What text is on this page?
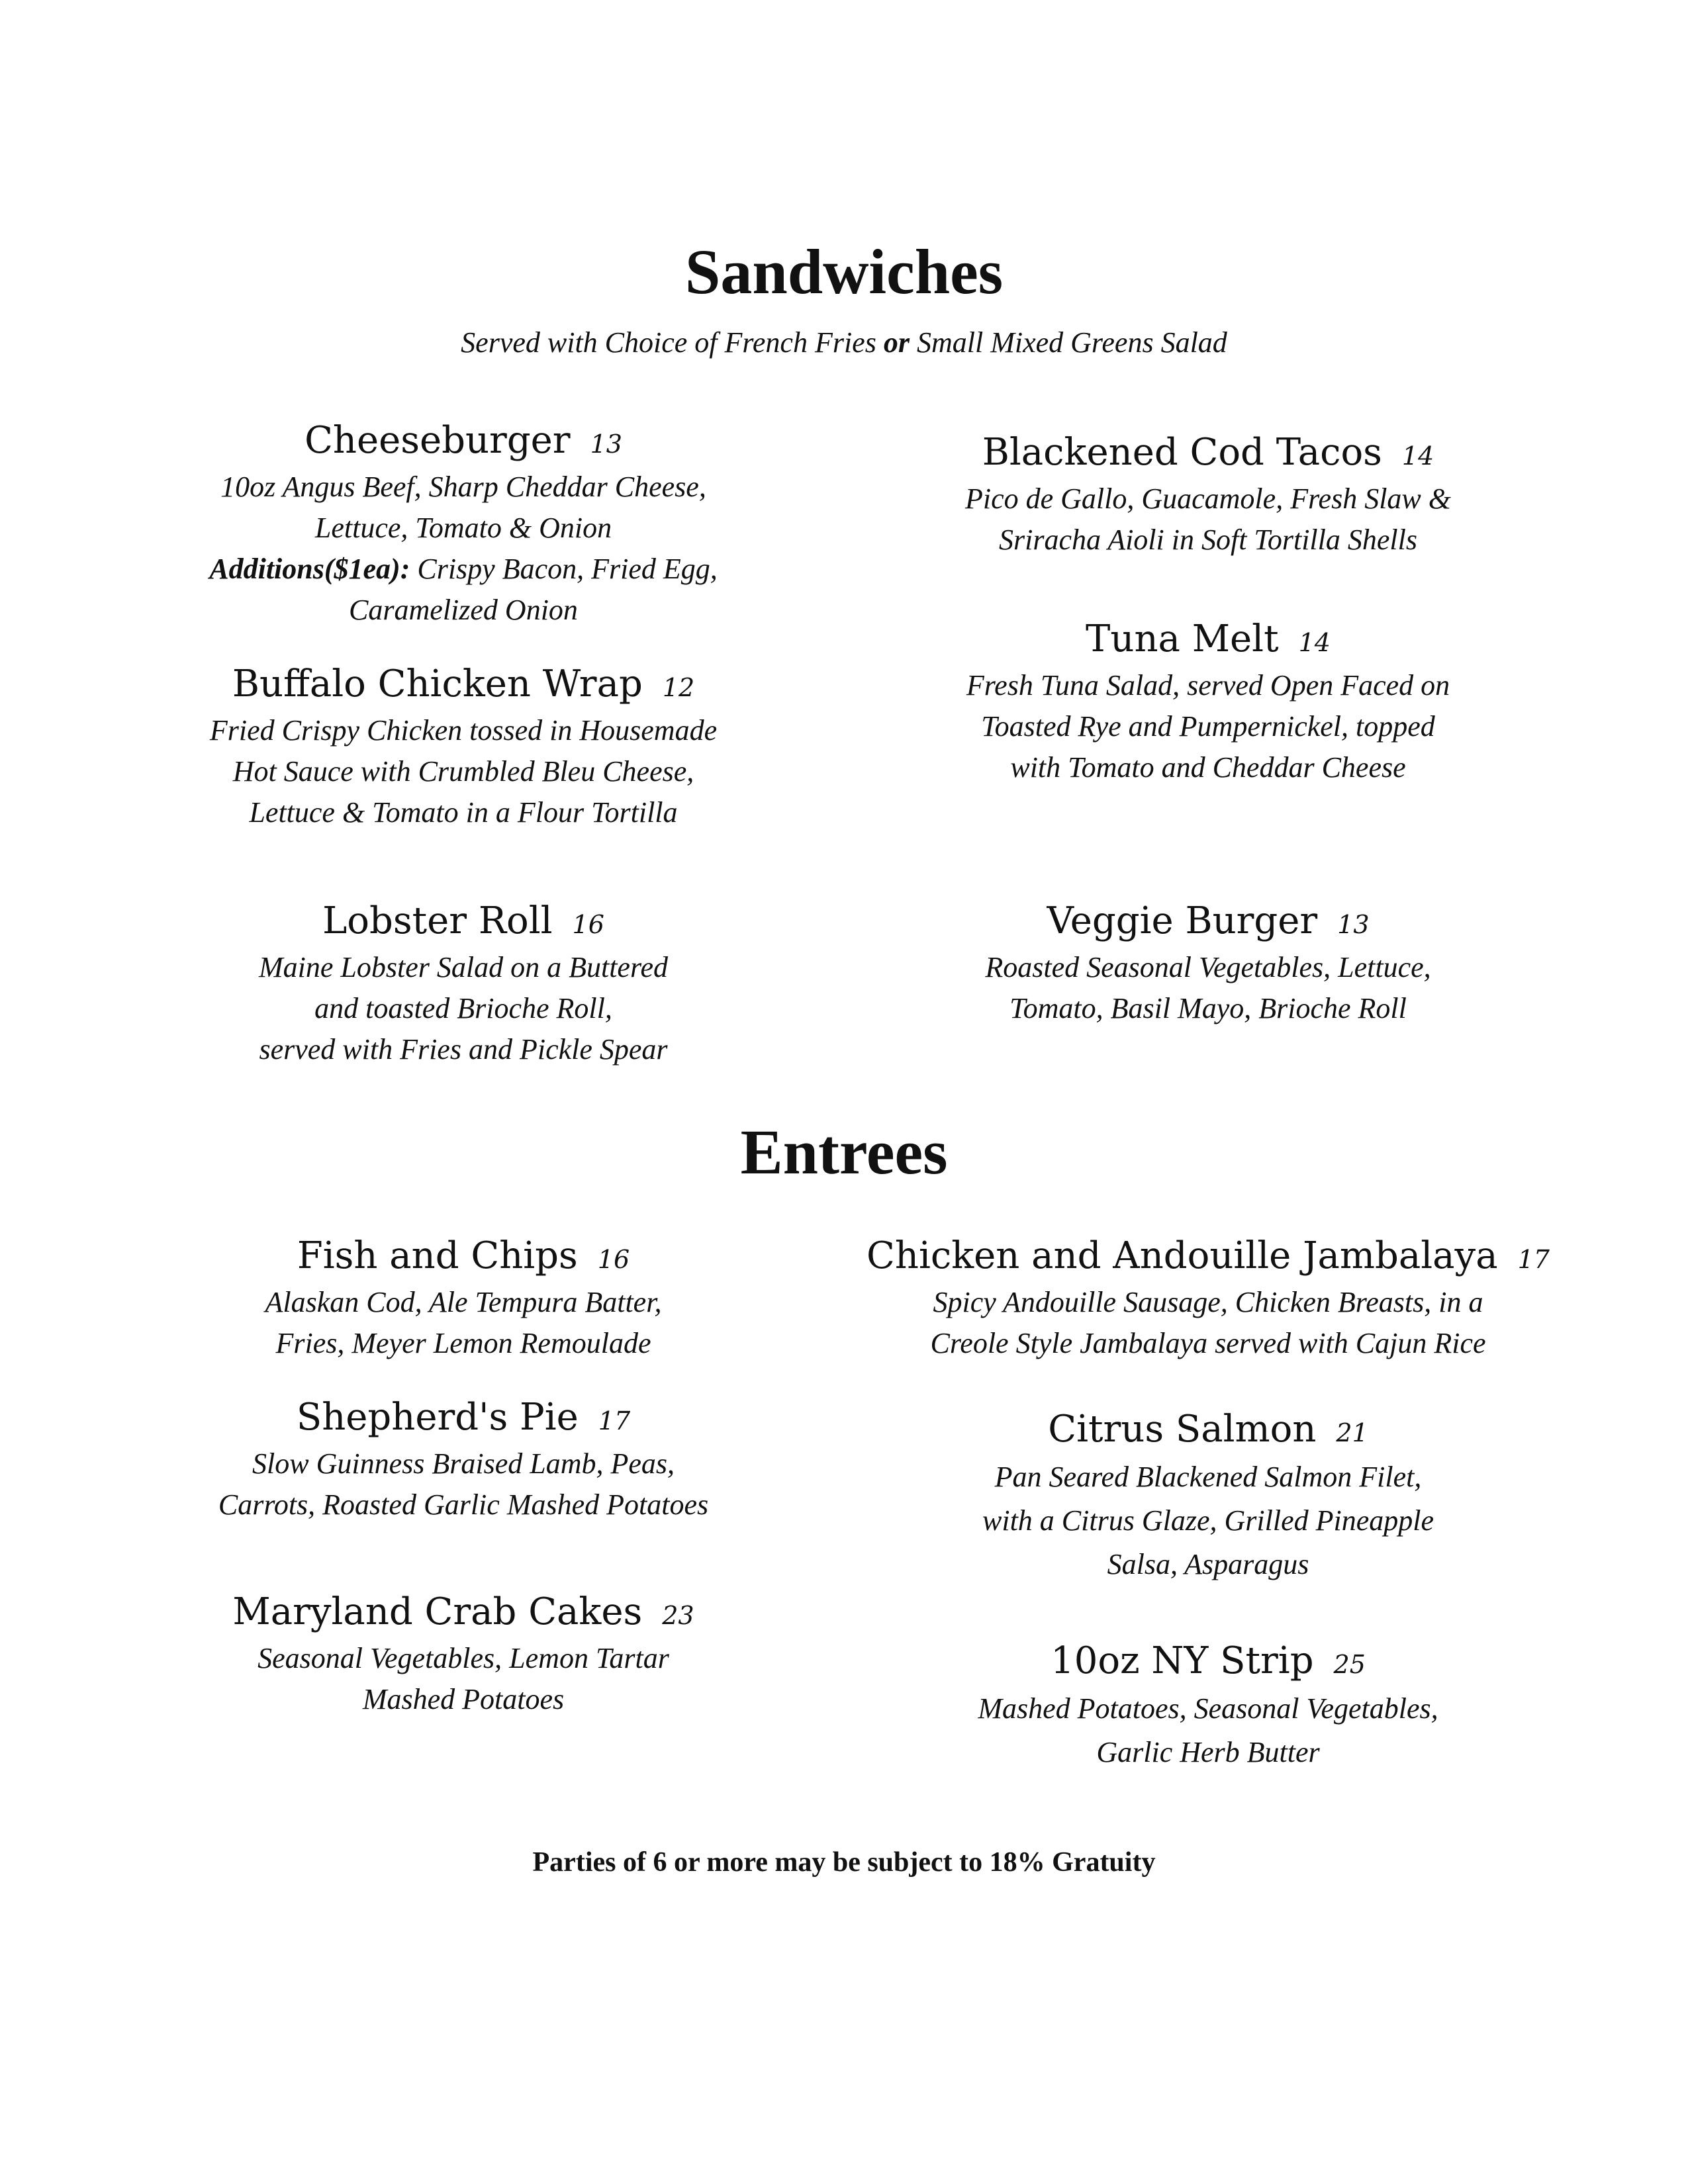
Sandwiches
Served with Choice of French Fries or Small Mixed Greens Salad
Cheeseburger 13
10oz Angus Beef, Sharp Cheddar Cheese,
Lettuce, Tomato & Onion
Additions($1ea): Crispy Bacon, Fried Egg,
Caramelized Onion
Blackened Cod Tacos 14
Pico de Gallo, Guacamole, Fresh Slaw &
Sriracha Aioli in Soft Tortilla Shells
Tuna Melt 14
Fresh Tuna Salad, served Open Faced on
Toasted Rye and Pumpernickel, topped
with Tomato and Cheddar Cheese
Buffalo Chicken Wrap 12
Fried Crispy Chicken tossed in Housemade
Hot Sauce with Crumbled Bleu Cheese,
Lettuce & Tomato in a Flour Tortilla
Lobster Roll 16
Maine Lobster Salad on a Buttered
and toasted Brioche Roll,
served with Fries and Pickle Spear
Veggie Burger 13
Roasted Seasonal Vegetables, Lettuce,
Tomato, Basil Mayo, Brioche Roll
Entrees
Fish and Chips 16
Alaskan Cod, Ale Tempura Batter,
Fries, Meyer Lemon Remoulade
Chicken and Andouille Jambalaya 17
Spicy Andouille Sausage, Chicken Breasts, in a
Creole Style Jambalaya served with Cajun Rice
Shepherd's Pie 17
Slow Guinness Braised Lamb, Peas,
Carrots, Roasted Garlic Mashed Potatoes
Citrus Salmon 21
Pan Seared Blackened Salmon Filet,
with a Citrus Glaze, Grilled Pineapple
Salsa, Asparagus
Maryland Crab Cakes 23
Seasonal Vegetables, Lemon Tartar
Mashed Potatoes
10oz NY Strip 25
Mashed Potatoes, Seasonal Vegetables,
Garlic Herb Butter
Parties of 6 or more may be subject to 18% Gratuity
